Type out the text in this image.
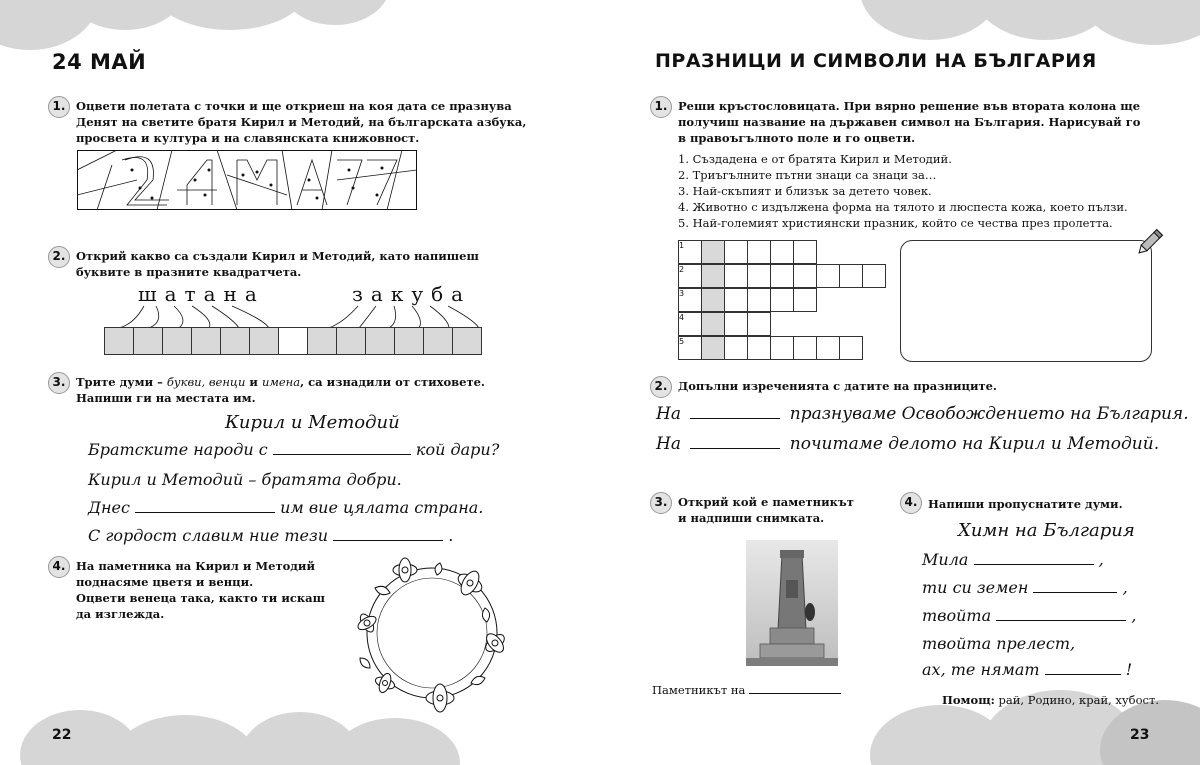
24 МАЙ
1. Оцвети полетата с точки и ще откриеш на коя дата се празнува Денят на светите братя Кирил и Методий, на българската азбука, просвета и култура и на славянската книжовност.
2. Открий какво са създали Кирил и Методий, като напишеш буквите в празните квадратчета.
шатана	закуба
3. Трите думи – букви, венци и имена, са изнадили от стиховете.
Напиши ги на местата им.
Кирил и Методий
Братските народи с	кой дари?
Кирил и Методий – братята добри.
Днес	им вие цялата страна.
С гордост славим ние тези	.
4. На паметника на Кирил и Методий
поднасяме цветя и венци.
Оцвети венеца така, както ти искаш
да изглежда.
22
ПРАЗНИЦИ И СИМВОЛИ НА БЪЛГАРИЯ
1. Реши кръстословицата. При вярно решение във втората колона ще получиш название на държавен символ на България. Нарисувай го в правоъгълното поле и го оцвети.
1. Създадена е от братята Кирил и Методий.
2. Триъгълните пътни знаци са знаци за…
3. Най-скъпият и близък за детето човек.
4. Животно с издължена форма на тялото и люспеста кожа, което пълзи.
5. Най-големият християнски празник, който се чества през пролетта.
1
2
3
4
5
2. Допълни изреченията с датите на празниците.
На	празнуваме Освобождението на България.
На	почитаме делото на Кирил и Методий.
3. Открий кой е паметникът
и надпиши снимката.
Паметникът на
4. Напиши пропуснатите думи.
Химн на България
Мила	,
ти си земен	,
твойта	,
твойта прелест,
ах, те нямат	!
Помощ: рай, Родино, край, хубост.
23
